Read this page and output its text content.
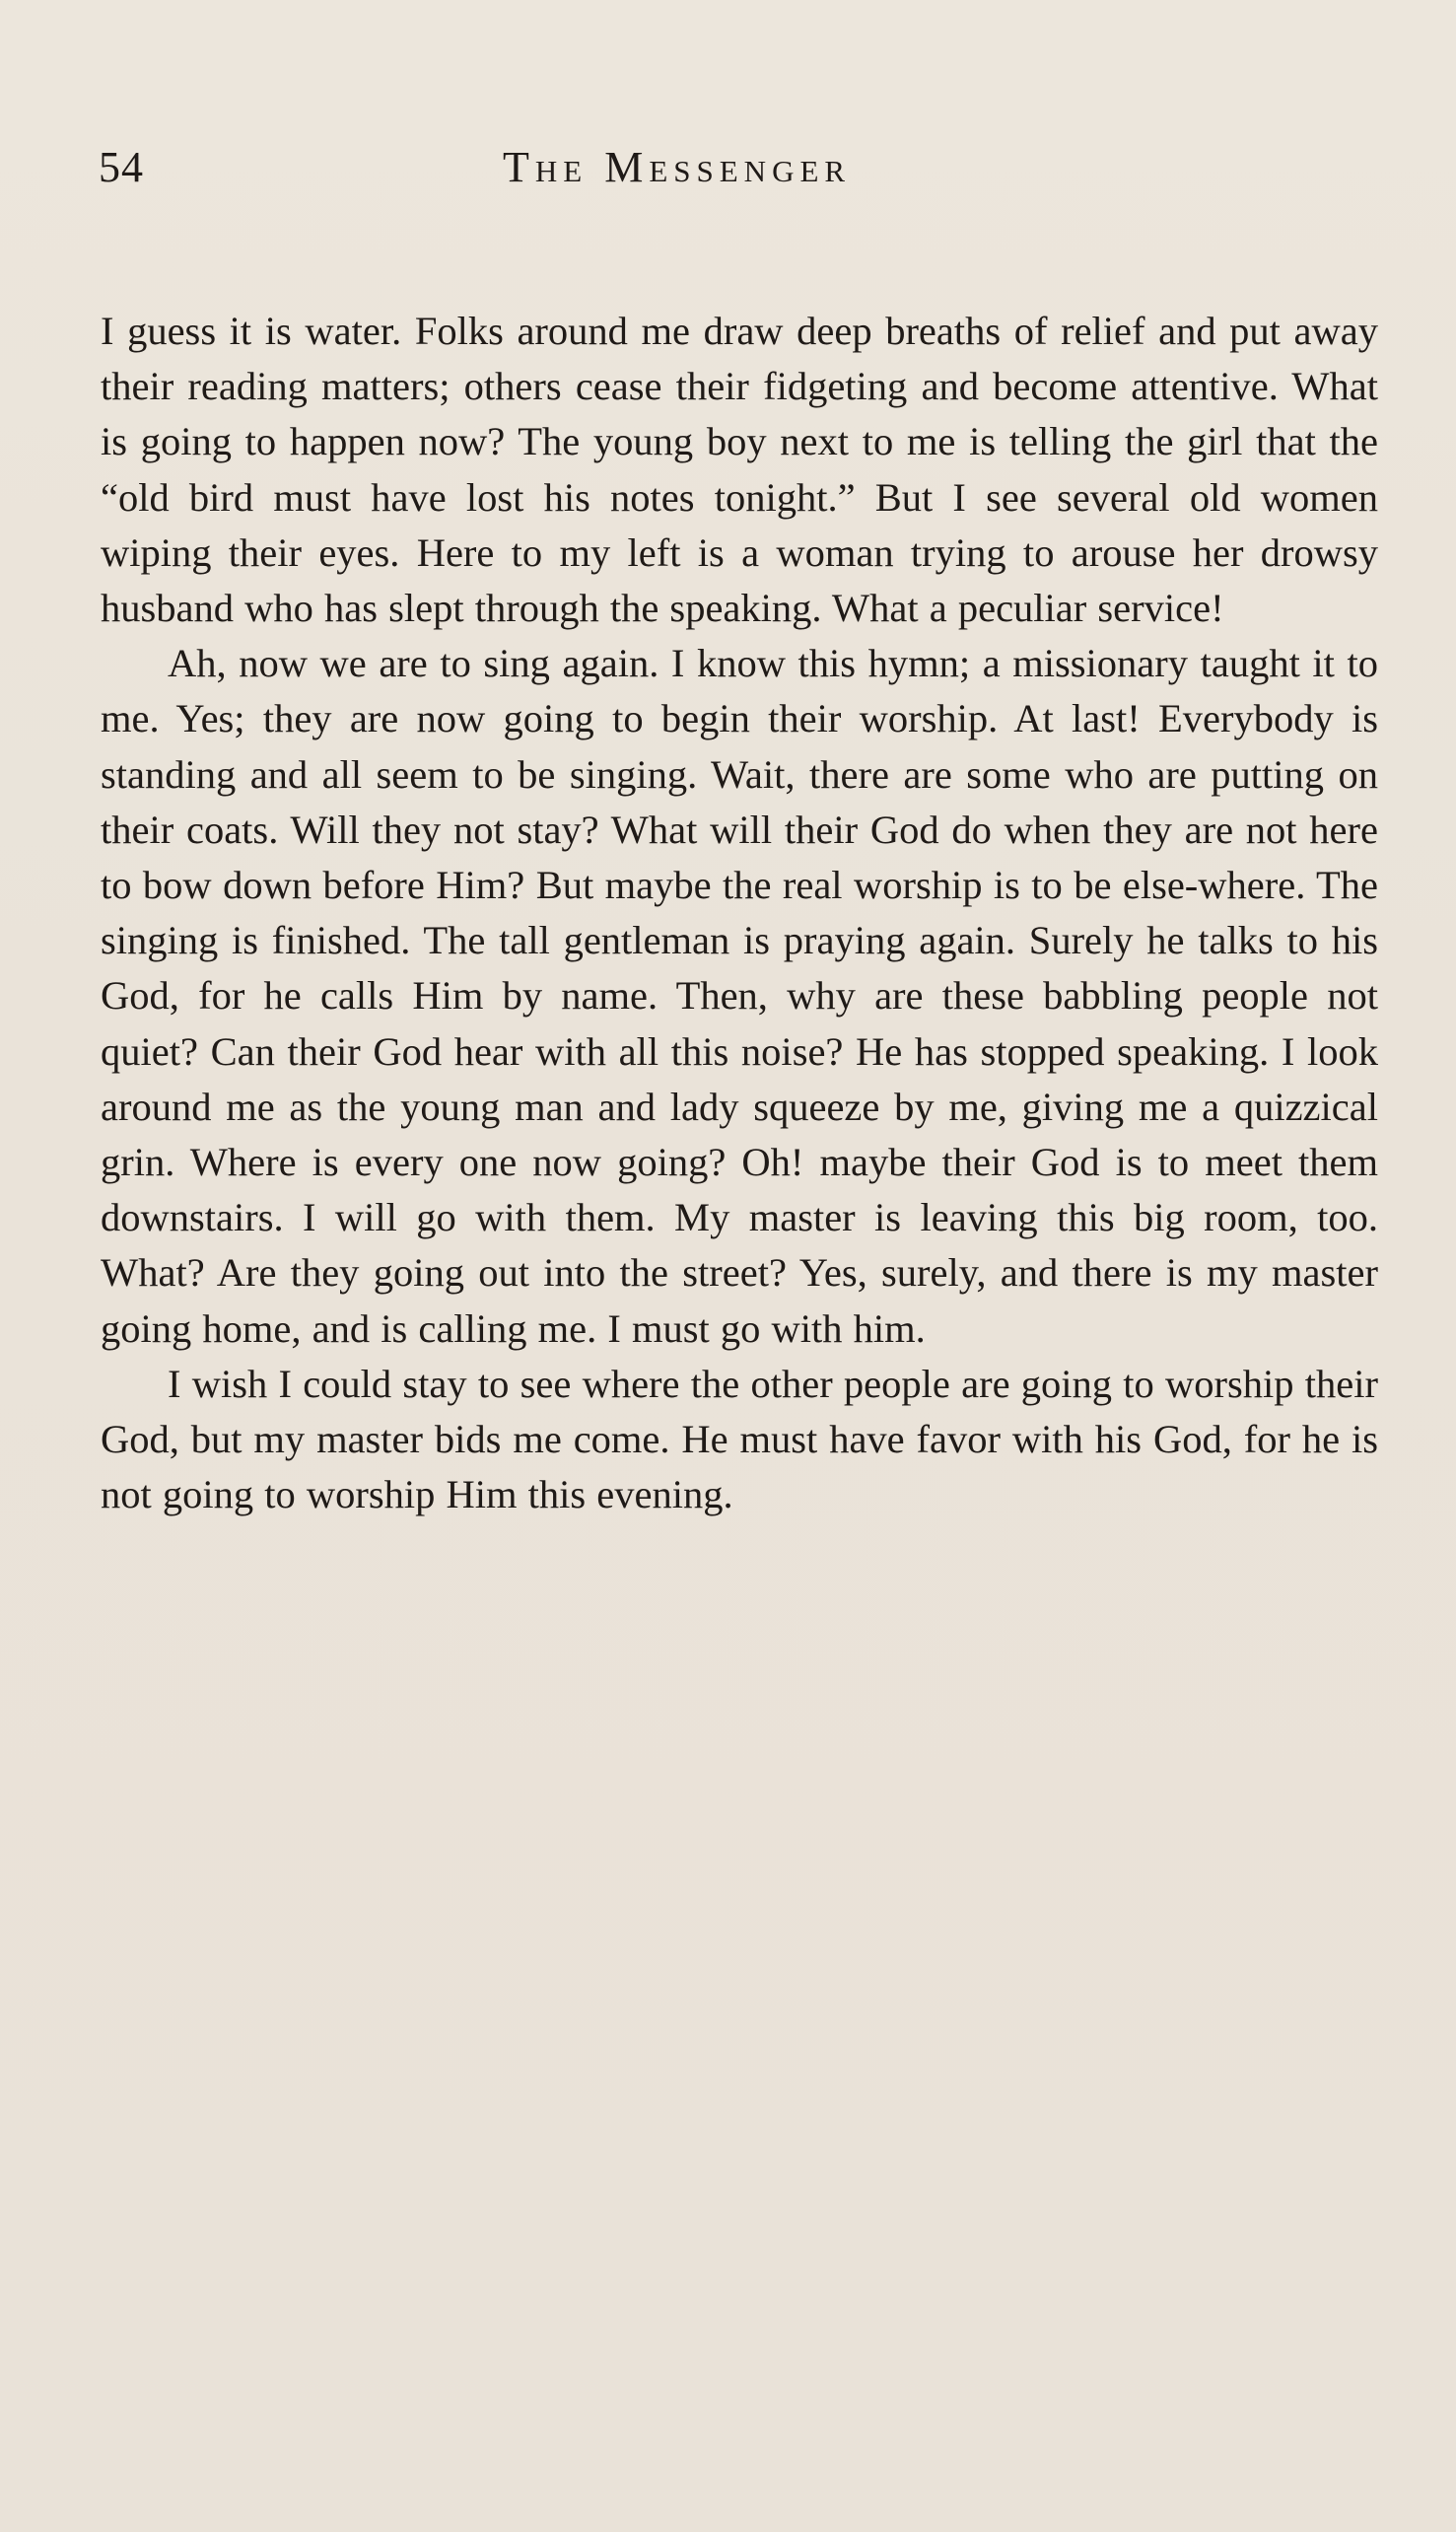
54	The Messenger

I guess it is water. Folks around me draw deep breaths of relief and put away their reading matters; others cease their fidgeting and become attentive. What is going to happen now? The young boy next to me is telling the girl that the “old bird must have lost his notes tonight.” But I see several old women wiping their eyes. Here to my left is a woman trying to arouse her drowsy husband who has slept through the speaking. What a peculiar service!

Ah, now we are to sing again. I know this hymn; a missionary taught it to me. Yes; they are now going to begin their worship. At last! Everybody is standing and all seem to be singing. Wait, there are some who are putting on their coats. Will they not stay? What will their God do when they are not here to bow down before Him? But maybe the real worship is to be else-where. The singing is finished. The tall gentleman is praying again. Surely he talks to his God, for he calls Him by name. Then, why are these babbling people not quiet? Can their God hear with all this noise? He has stopped speaking. I look around me as the young man and lady squeeze by me, giving me a quizzical grin. Where is every one now going? Oh! maybe their God is to meet them downstairs. I will go with them. My master is leaving this big room, too. What? Are they going out into the street? Yes, surely, and there is my master going home, and is calling me. I must go with him.

I wish I could stay to see where the other people are going to worship their God, but my master bids me come. He must have favor with his God, for he is not going to worship Him this evening.
